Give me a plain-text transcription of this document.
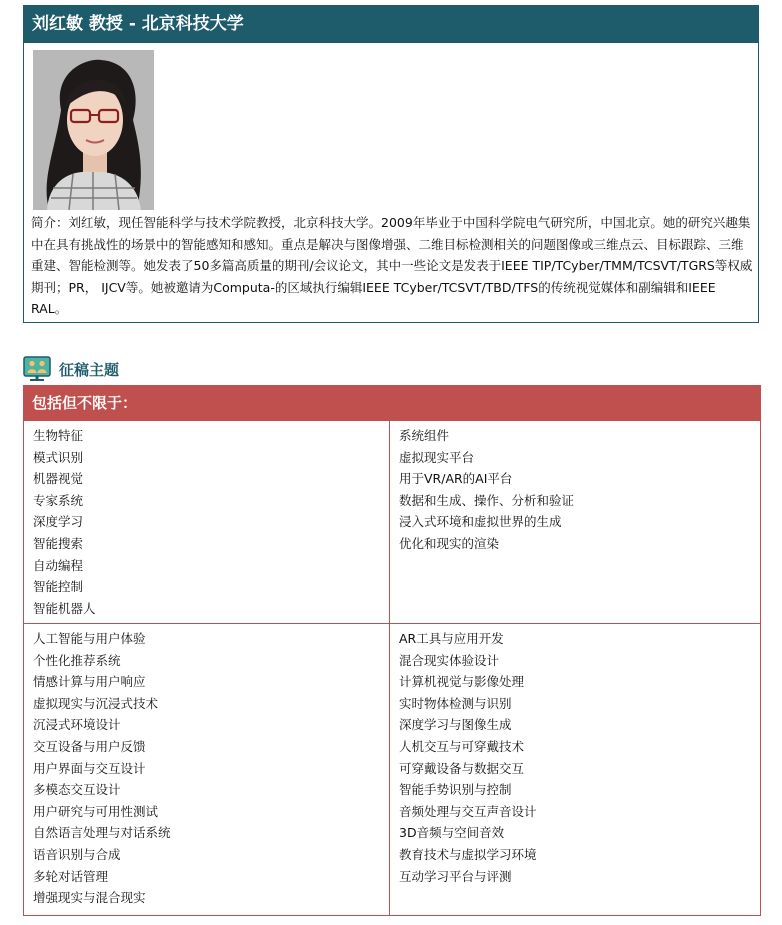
刘红敏 教授 - 北京科技大学

简介：刘红敏，现任智能科学与技术学院教授，北京科技大学。2009年毕业于中国科学院电气研究所，中国北京。她的研究兴趣集中在具有挑战性的场景中的智能感知和感知。重点是解决与图像增强、二维目标检测相关的问题图像或三维点云、目标跟踪、三维重建、智能检测等。她发表了50多篇高质量的期刊/会议论文，其中一些论文是发表于IEEE TIP/TCyber/TMM/TCSVT/TGRS等权威期刊；PR， IJCV等。她被邀请为Computa-的区域执行编辑IEEE TCyber/TCSVT/TBD/TFS的传统视觉媒体和副编辑和IEEE RAL。

征稿主题
包括但不限于：
生物特征
模式识别
机器视觉
专家系统
深度学习
智能搜索
自动编程
智能控制
智能机器人
系统组件
虚拟现实平台
用于VR/AR的AI平台
数据和生成、操作、分析和验证
浸入式环境和虚拟世界的生成
优化和现实的渲染
人工智能与用户体验
个性化推荐系统
情感计算与用户响应
虚拟现实与沉浸式技术
沉浸式环境设计
交互设备与用户反馈
用户界面与交互设计
多模态交互设计
用户研究与可用性测试
自然语言处理与对话系统
语音识别与合成
多轮对话管理
增强现实与混合现实
AR工具与应用开发
混合现实体验设计
计算机视觉与影像处理
实时物体检测与识别
深度学习与图像生成
人机交互与可穿戴技术
可穿戴设备与数据交互
智能手势识别与控制
音频处理与交互声音设计
3D音频与空间音效
教育技术与虚拟学习环境
互动学习平台与评测
